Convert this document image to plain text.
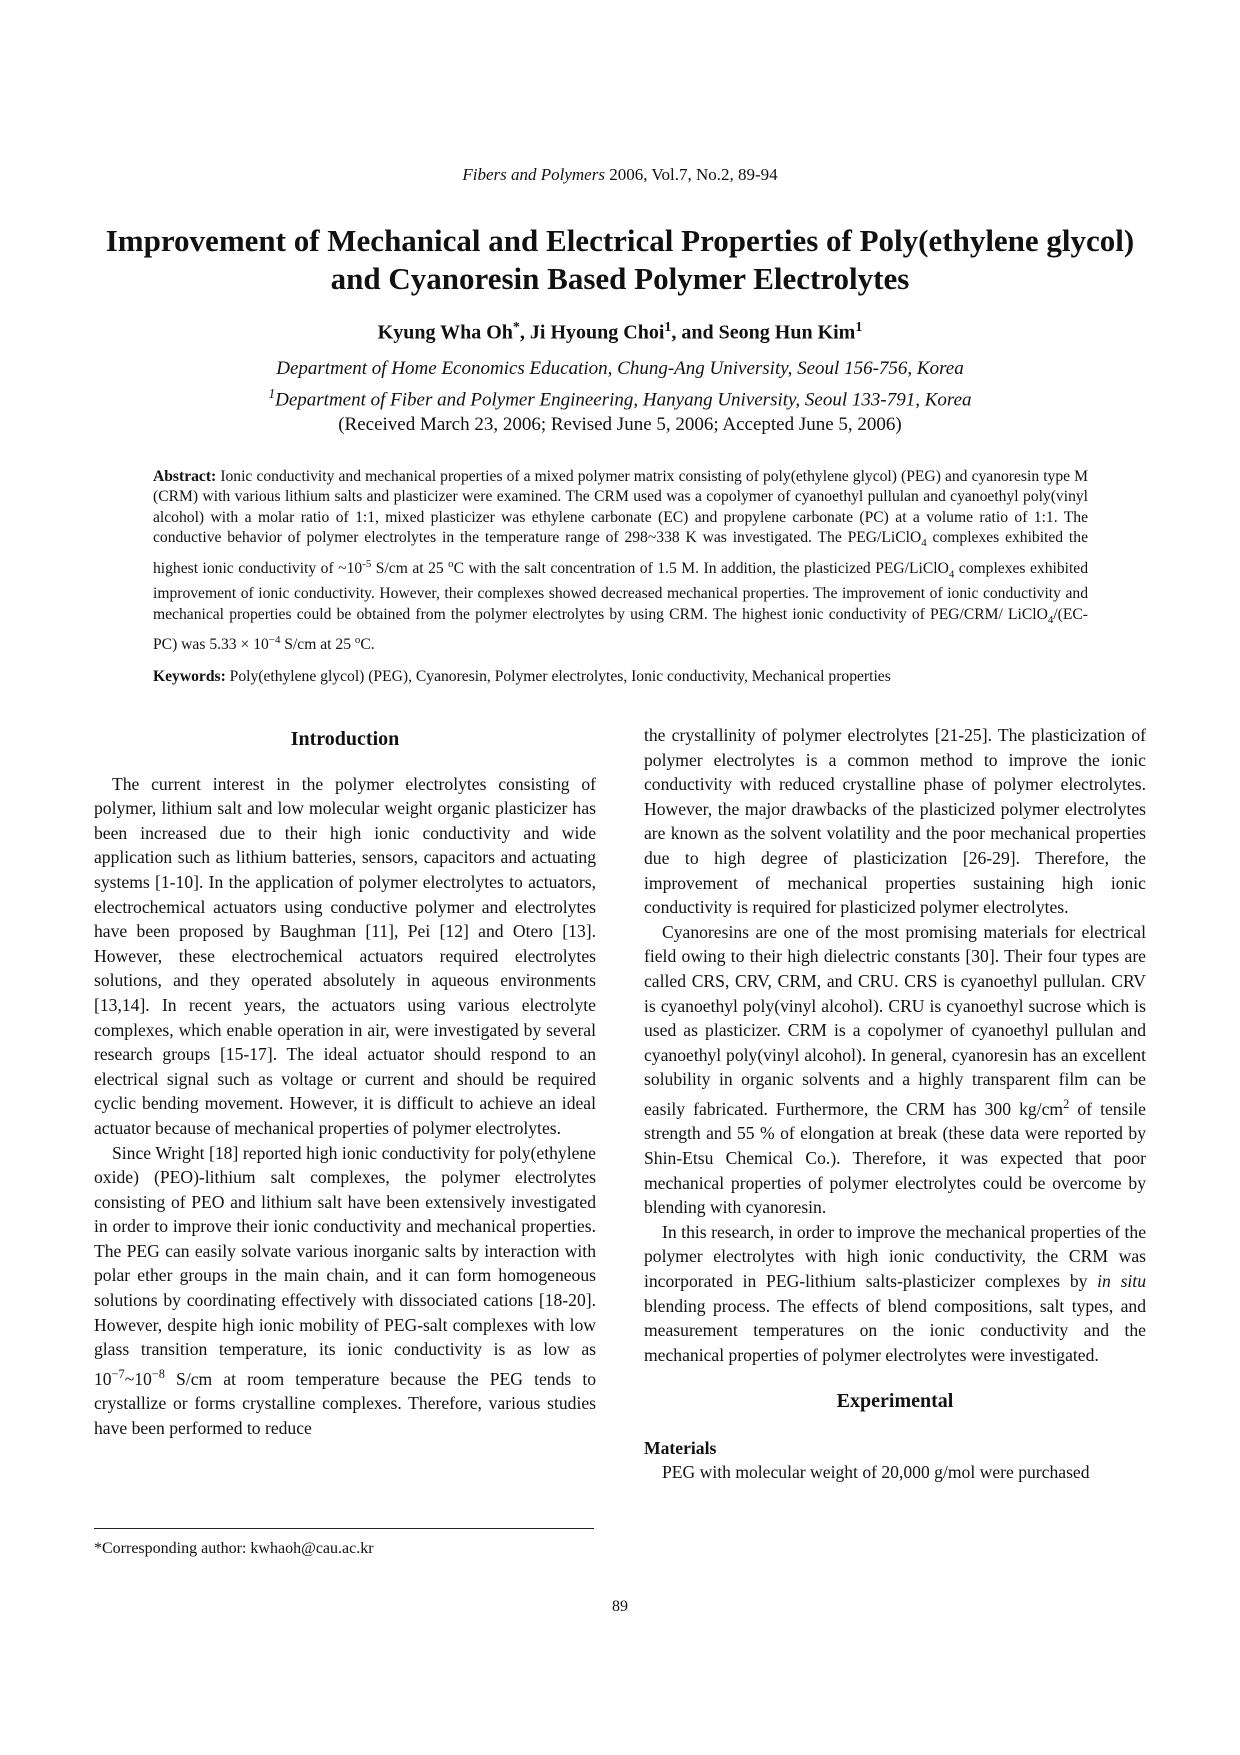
Fibers and Polymers 2006, Vol.7, No.2, 89-94
Improvement of Mechanical and Electrical Properties of Poly(ethylene glycol)
and Cyanoresin Based Polymer Electrolytes
Kyung Wha Oh*, Ji Hyoung Choi$^1$, and Seong Hun Kim$^1$
Department of Home Economics Education, Chung-Ang University, Seoul 156-756, Korea
$^1$Department of Fiber and Polymer Engineering, Hanyang University, Seoul 133-791, Korea
(Received March 23, 2006; Revised June 5, 2006; Accepted June 5, 2006)
Abstract: Ionic conductivity and mechanical properties of a mixed polymer matrix consisting of poly(ethylene glycol) (PEG) and cyanoresin type M (CRM) with various lithium salts and plasticizer were examined. The CRM used was a copolymer of cyanoethyl pullulan and cyanoethyl poly(vinyl alcohol) with a molar ratio of 1:1, mixed plasticizer was ethylene carbonate (EC) and propylene carbonate (PC) at a volume ratio of 1:1. The conductive behavior of polymer electrolytes in the temperature range of 298~338 K was investigated. The PEG/LiClO$_4$ complexes exhibited the highest ionic conductivity of $\sim 10^{-5}$ S/cm at 25 $^o$C with the salt concentration of 1.5 M. In addition, the plasticized PEG/LiClO$_4$ complexes exhibited improvement of ionic conductivity. However, their complexes showed decreased mechanical properties. The improvement of ionic conductivity and mechanical properties could be obtained from the polymer electrolytes by using CRM. The highest ionic conductivity of PEG/CRM/ LiClO$_4$/(EC-PC) was $5.33 \times 10^{-4}$ S/cm at 25 $^o$C.
Keywords: Poly(ethylene glycol) (PEG), Cyanoresin, Polymer electrolytes, Ionic conductivity, Mechanical properties
Introduction

The current interest in the polymer electrolytes consisting of polymer, lithium salt and low molecular weight organic plasticizer has been increased due to their high ionic conductivity and wide application such as lithium batteries, sensors, capacitors and actuating systems [1-10]. In the application of polymer electrolytes to actuators, electrochemical actuators using conductive polymer and electrolytes have been proposed by Baughman [11], Pei [12] and Otero [13]. However, these electrochemical actuators required electrolytes solutions, and they operated absolutely in aqueous environments [13,14]. In recent years, the actuators using various electrolyte complexes, which enable operation in air, were investigated by several research groups [15-17]. The ideal actuator should respond to an electrical signal such as voltage or current and should be required cyclic bending movement. However, it is difficult to achieve an ideal actuator because of mechanical properties of polymer electrolytes.

Since Wright [18] reported high ionic conductivity for poly(ethylene oxide) (PEO)-lithium salt complexes, the polymer electrolytes consisting of PEO and lithium salt have been extensively investigated in order to improve their ionic conductivity and mechanical properties. The PEG can easily solvate various inorganic salts by interaction with polar ether groups in the main chain, and it can form homogeneous solutions by coordinating effectively with dissociated cations [18-20]. However, despite high ionic mobility of PEG-salt complexes with low glass transition temperature, its ionic conductivity is as low as $10^{-7}\sim 10^{-8}$ S/cm at room temperature because the PEG tends to crystallize or forms crystalline complexes. Therefore, various studies have been performed to reduce

the crystallinity of polymer electrolytes [21-25]. The plasticization of polymer electrolytes is a common method to improve the ionic conductivity with reduced crystalline phase of polymer electrolytes. However, the major drawbacks of the plasticized polymer electrolytes are known as the solvent volatility and the poor mechanical properties due to high degree of plasticization [26-29]. Therefore, the improvement of mechanical properties sustaining high ionic conductivity is required for plasticized polymer electrolytes.

Cyanoresins are one of the most promising materials for electrical field owing to their high dielectric constants [30]. Their four types are called CRS, CRV, CRM, and CRU. CRS is cyanoethyl pullulan. CRV is cyanoethyl poly(vinyl alcohol). CRU is cyanoethyl sucrose which is used as plasticizer. CRM is a copolymer of cyanoethyl pullulan and cyanoethyl poly(vinyl alcohol). In general, cyanoresin has an excellent solubility in organic solvents and a highly transparent film can be easily fabricated. Furthermore, the CRM has 300 $kg/cm^2$ of tensile strength and 55 % of elongation at break (these data were reported by Shin-Etsu Chemical Co.). Therefore, it was expected that poor mechanical properties of polymer electrolytes could be overcome by blending with cyanoresin.

In this research, in order to improve the mechanical properties of the polymer electrolytes with high ionic conductivity, the CRM was incorporated in PEG-lithium salts-plasticizer complexes by in situ blending process. The effects of blend compositions, salt types, and measurement temperatures on the ionic conductivity and the mechanical properties of polymer electrolytes were investigated.

Experimental
Materials

PEG with molecular weight of 20,000 g/mol were purchased

*Corresponding author: kwhaoh@cau.ac.kr
89
